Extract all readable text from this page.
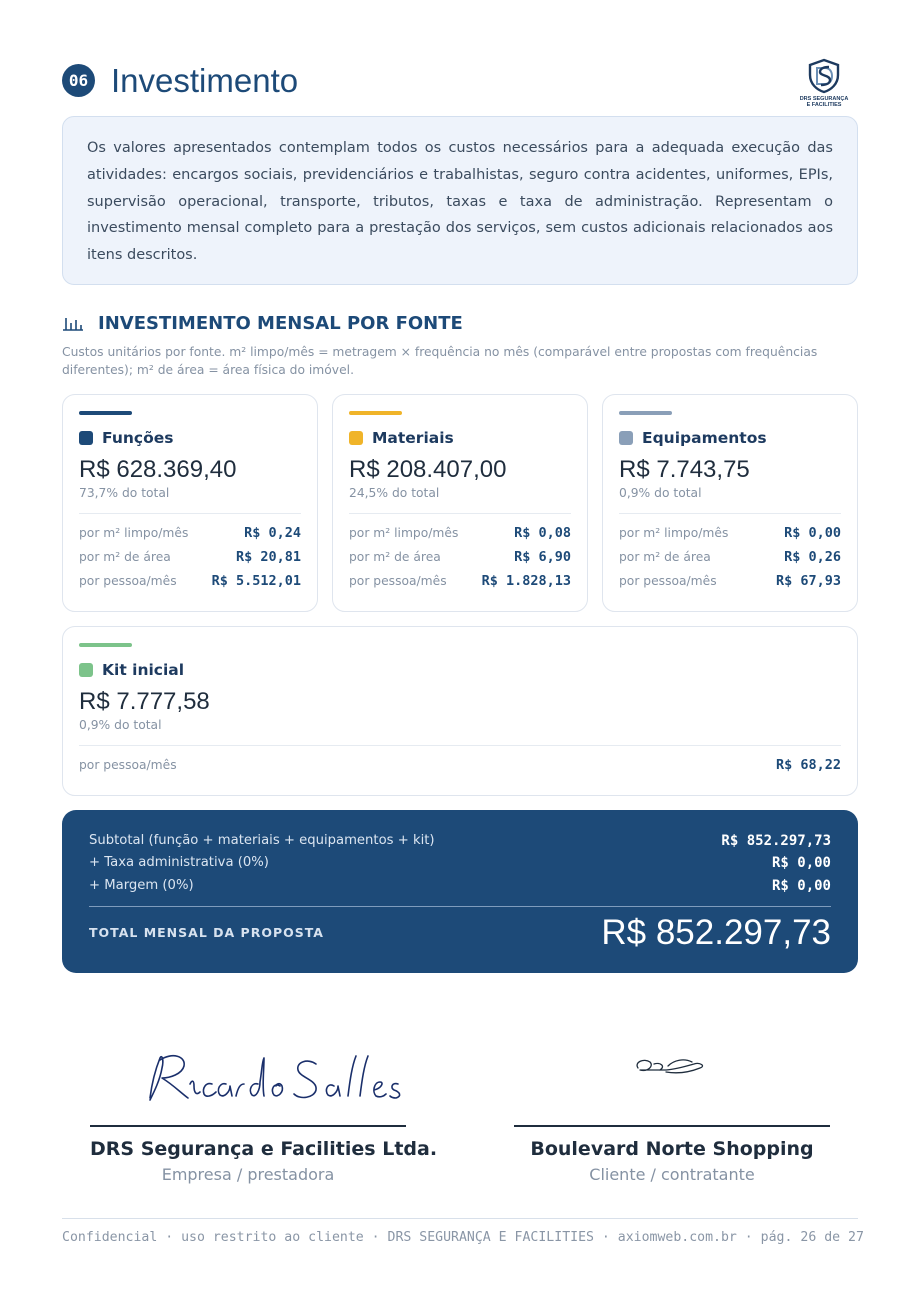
06 Investimento	DRS SEGURANÇA
E FACILITIES

Os valores apresentados contemplam todos os custos necessários para a adequada execução das atividades: encargos sociais, previdenciários e trabalhistas, seguro contra acidentes, uniformes, EPIs, supervisão operacional, transporte, tributos, taxas e taxa de administração. Representam o investimento mensal completo para a prestação dos serviços, sem custos adicionais relacionados aos itens descritos.

INVESTIMENTO MENSAL POR FONTE
Custos unitários por fonte. m² limpo/mês = metragem × frequência no mês (comparável entre propostas com frequências diferentes); m² de área = área física do imóvel.
Funções
R$ 628.369,40
73,7% do total
por m² limpo/mês	R$ 0,24
por m² de área	R$ 20,81
por pessoa/mês	R$ 5.512,01
Materiais
R$ 208.407,00
24,5% do total
por m² limpo/mês	R$ 0,08
por m² de área	R$ 6,90
por pessoa/mês	R$ 1.828,13
Equipamentos
R$ 7.743,75
0,9% do total
por m² limpo/mês	R$ 0,00
por m² de área	R$ 0,26
por pessoa/mês	R$ 67,93
Kit inicial
R$ 7.777,58
0,9% do total
por pessoa/mês	R$ 68,22
Subtotal (função + materiais + equipamentos + kit)	R$ 852.297,73
+ Taxa administrativa (0%)	R$ 0,00
+ Margem (0%)	R$ 0,00
TOTAL MENSAL DA PROPOSTA	R$ 852.297,73
DRS Segurança e Facilities Ltda.
Empresa / prestadora
Boulevard Norte Shopping
Cliente / contratante
Confidencial · uso restrito ao cliente · DRS SEGURANÇA E FACILITIES · axiomweb.com.br · pág. 26 de 27
